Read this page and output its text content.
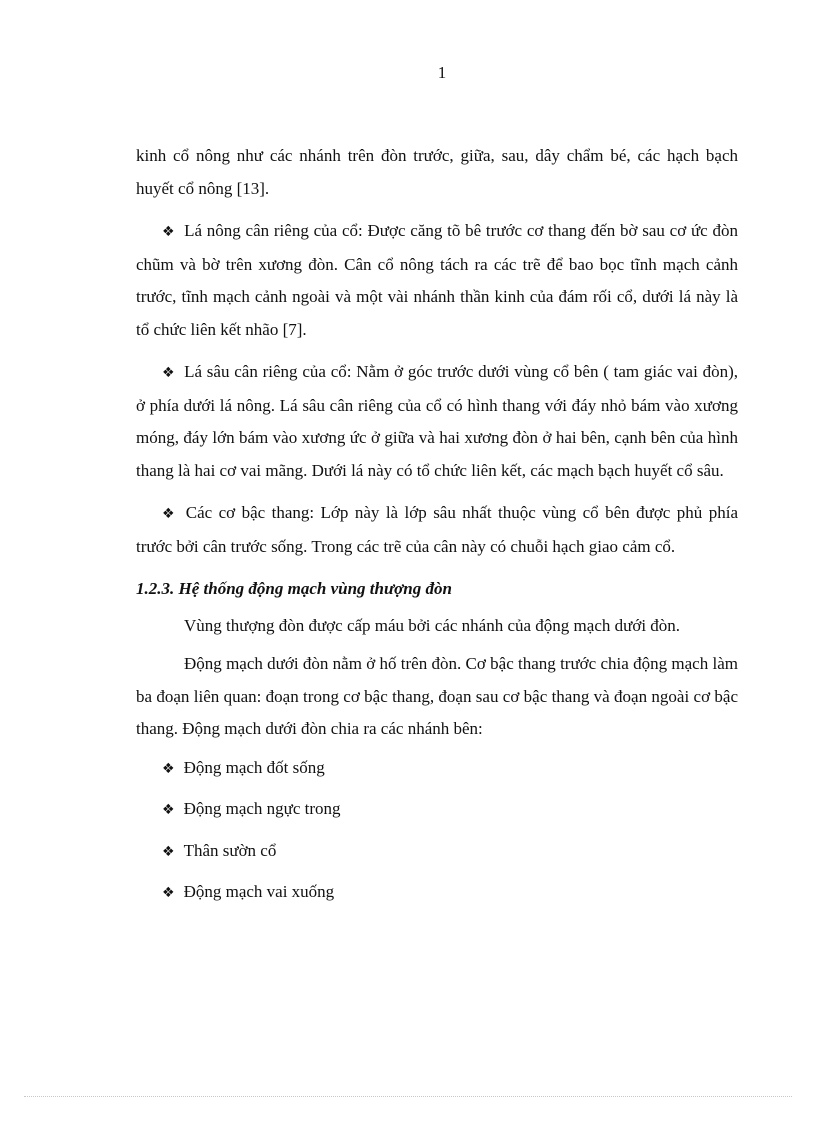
1

kinh cổ nông như các nhánh trên đòn trước, giữa, sau, dây chẩm bé, các hạch bạch huyết cổ nông [13].

❖ Lá nông cân riêng của cổ: Được căng tõ bê trước cơ thang đến bờ sau cơ ức đòn chũm và bờ trên xương đòn. Cân cổ nông tách ra các trẽ để bao bọc tĩnh mạch cảnh trước, tĩnh mạch cảnh ngoài và một vài nhánh thần kinh của đám rối cổ, dưới lá này là tổ chức liên kết nhão [7].

❖ Lá sâu cân riêng của cổ: Nằm ở góc trước dưới vùng cổ bên ( tam giác vai đòn), ở phía dưới lá nông. Lá sâu cân riêng của cổ có hình thang với đáy nhỏ bám vào xương móng, đáy lớn bám vào xương ức ở giữa và hai xương đòn ở hai bên, cạnh bên của hình thang là hai cơ vai mãng. Dưới lá này có tổ chức liên kết, các mạch bạch huyết cổ sâu.

❖ Các cơ bậc thang: Lớp này là lớp sâu nhất thuộc vùng cổ bên được phủ phía trước bởi cân trước sống. Trong các trẽ của cân này có chuỗi hạch giao cảm cổ.

1.2.3. Hệ thống động mạch vùng thượng đòn

Vùng thượng đòn được cấp máu bởi các nhánh của động mạch dưới đòn.

Động mạch dưới đòn nằm ở hố trên đòn. Cơ bậc thang trước chia động mạch làm ba đoạn liên quan: đoạn trong cơ bậc thang, đoạn sau cơ bậc thang và đoạn ngoài cơ bậc thang. Động mạch dưới đòn chia ra các nhánh bên:

❖ Động mạch đốt sống
❖ Động mạch ngực trong
❖ Thân sườn cổ
❖ Động mạch vai xuống
